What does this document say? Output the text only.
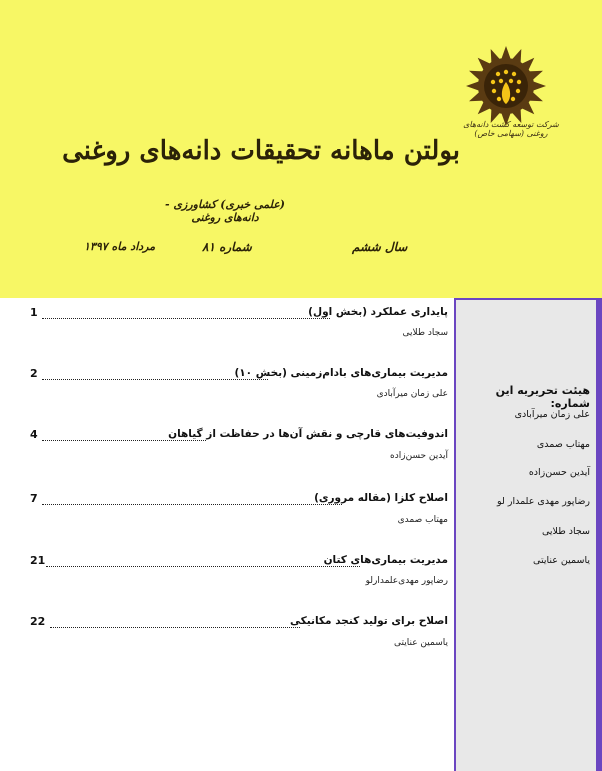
شرکت توسعه کشت دانه‌های روغنی (سهامی خاص)
بولتن ماهانه تحقیقات دانه‌های روغنی
(علمی خبری) کشاورزی - دانه‌های روغنی
سال ششم
شماره ۸۱
مرداد ماه ۱۳۹۷
هیئت تحریریه این شماره:
علی زمان میرآبادی
مهتاب صمدی
آیدین حسن‌زاده
رضاپور مهدی علمدار لو
سجاد طلایی
یاسمین عنایتی
پایداری عملکرد (بخش اول)
1
سجاد طلایی
مدیریت بیماری‌های بادام‌زمینی (بخش ۱۰)
2
علی زمان میرآبادی
اندوفیت‌های قارچی و نقش آن‌ها در حفاظت از گیاهان
4
آیدین حسن‌زاده
اصلاح کلزا (مقاله مروری)
7
مهتاب صمدی
مدیریت بیماری‌های کتان
21
رضاپور مهدی‌علمدارلو
اصلاح برای تولید کنجد مکانیکی
22
یاسمین عنایتی
